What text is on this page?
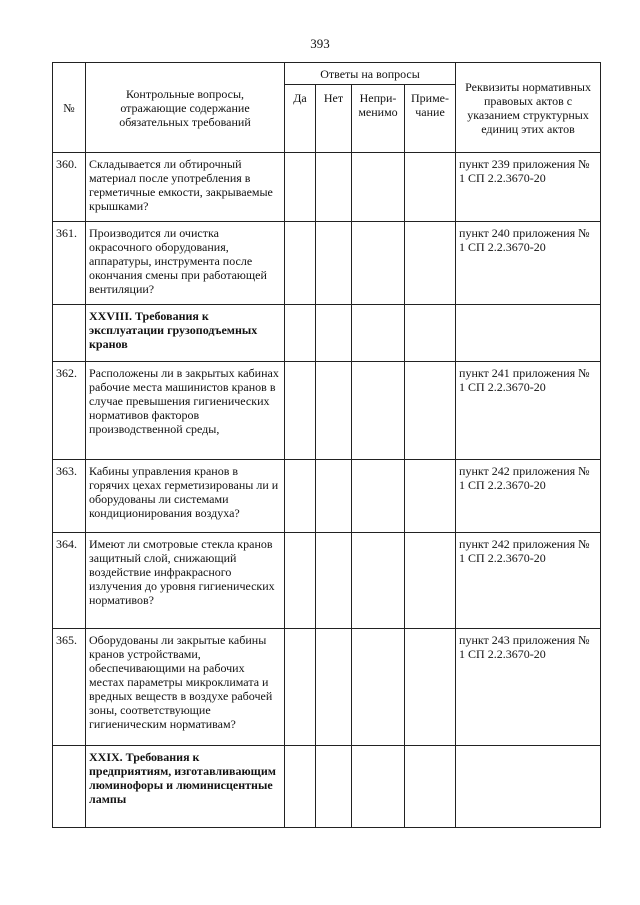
393
№	Контрольные вопросы, отражающие содержание обязательных требований	Ответы на вопросы				Реквизиты нормативных правовых актов с указанием структурных единиц этих актов

		Да	Нет	Непри-менимо	Приме-чание	

360.	Складывается ли обтирочный материал после употребления в герметичные емкости, закрываемые крышками?					пункт 239 приложения № 1 СП 2.2.3670-20

361.	Производится ли очистка окрасочного оборудования, аппаратуры, инструмента после окончания смены при работающей вентиляции?					пункт 240 приложения № 1 СП 2.2.3670-20

	XXVIII. Требования к эксплуатации грузоподъемных кранов					

362.	Расположены ли в закрытых кабинах рабочие места машинистов кранов в случае превышения гигиенических нормативов факторов производственной среды,					пункт 241 приложения № 1 СП 2.2.3670-20

363.	Кабины управления кранов в горячих цехах герметизированы ли и оборудованы ли системами кондиционирования воздуха?					пункт 242 приложения № 1 СП 2.2.3670-20

364.	Имеют ли смотровые стекла кранов защитный слой, снижающий воздействие инфракрасного излучения до уровня гигиенических нормативов?					пункт 242 приложения № 1 СП 2.2.3670-20

365.	Оборудованы ли закрытые кабины кранов устройствами, обеспечивающими на рабочих местах параметры микроклимата и вредных веществ в воздухе рабочей зоны, соответствующие гигиеническим нормативам?					пункт 243 приложения № 1 СП 2.2.3670-20

	XXIX. Требования к предприятиям, изготавливающим люминофоры и люминисцентные лампы					
